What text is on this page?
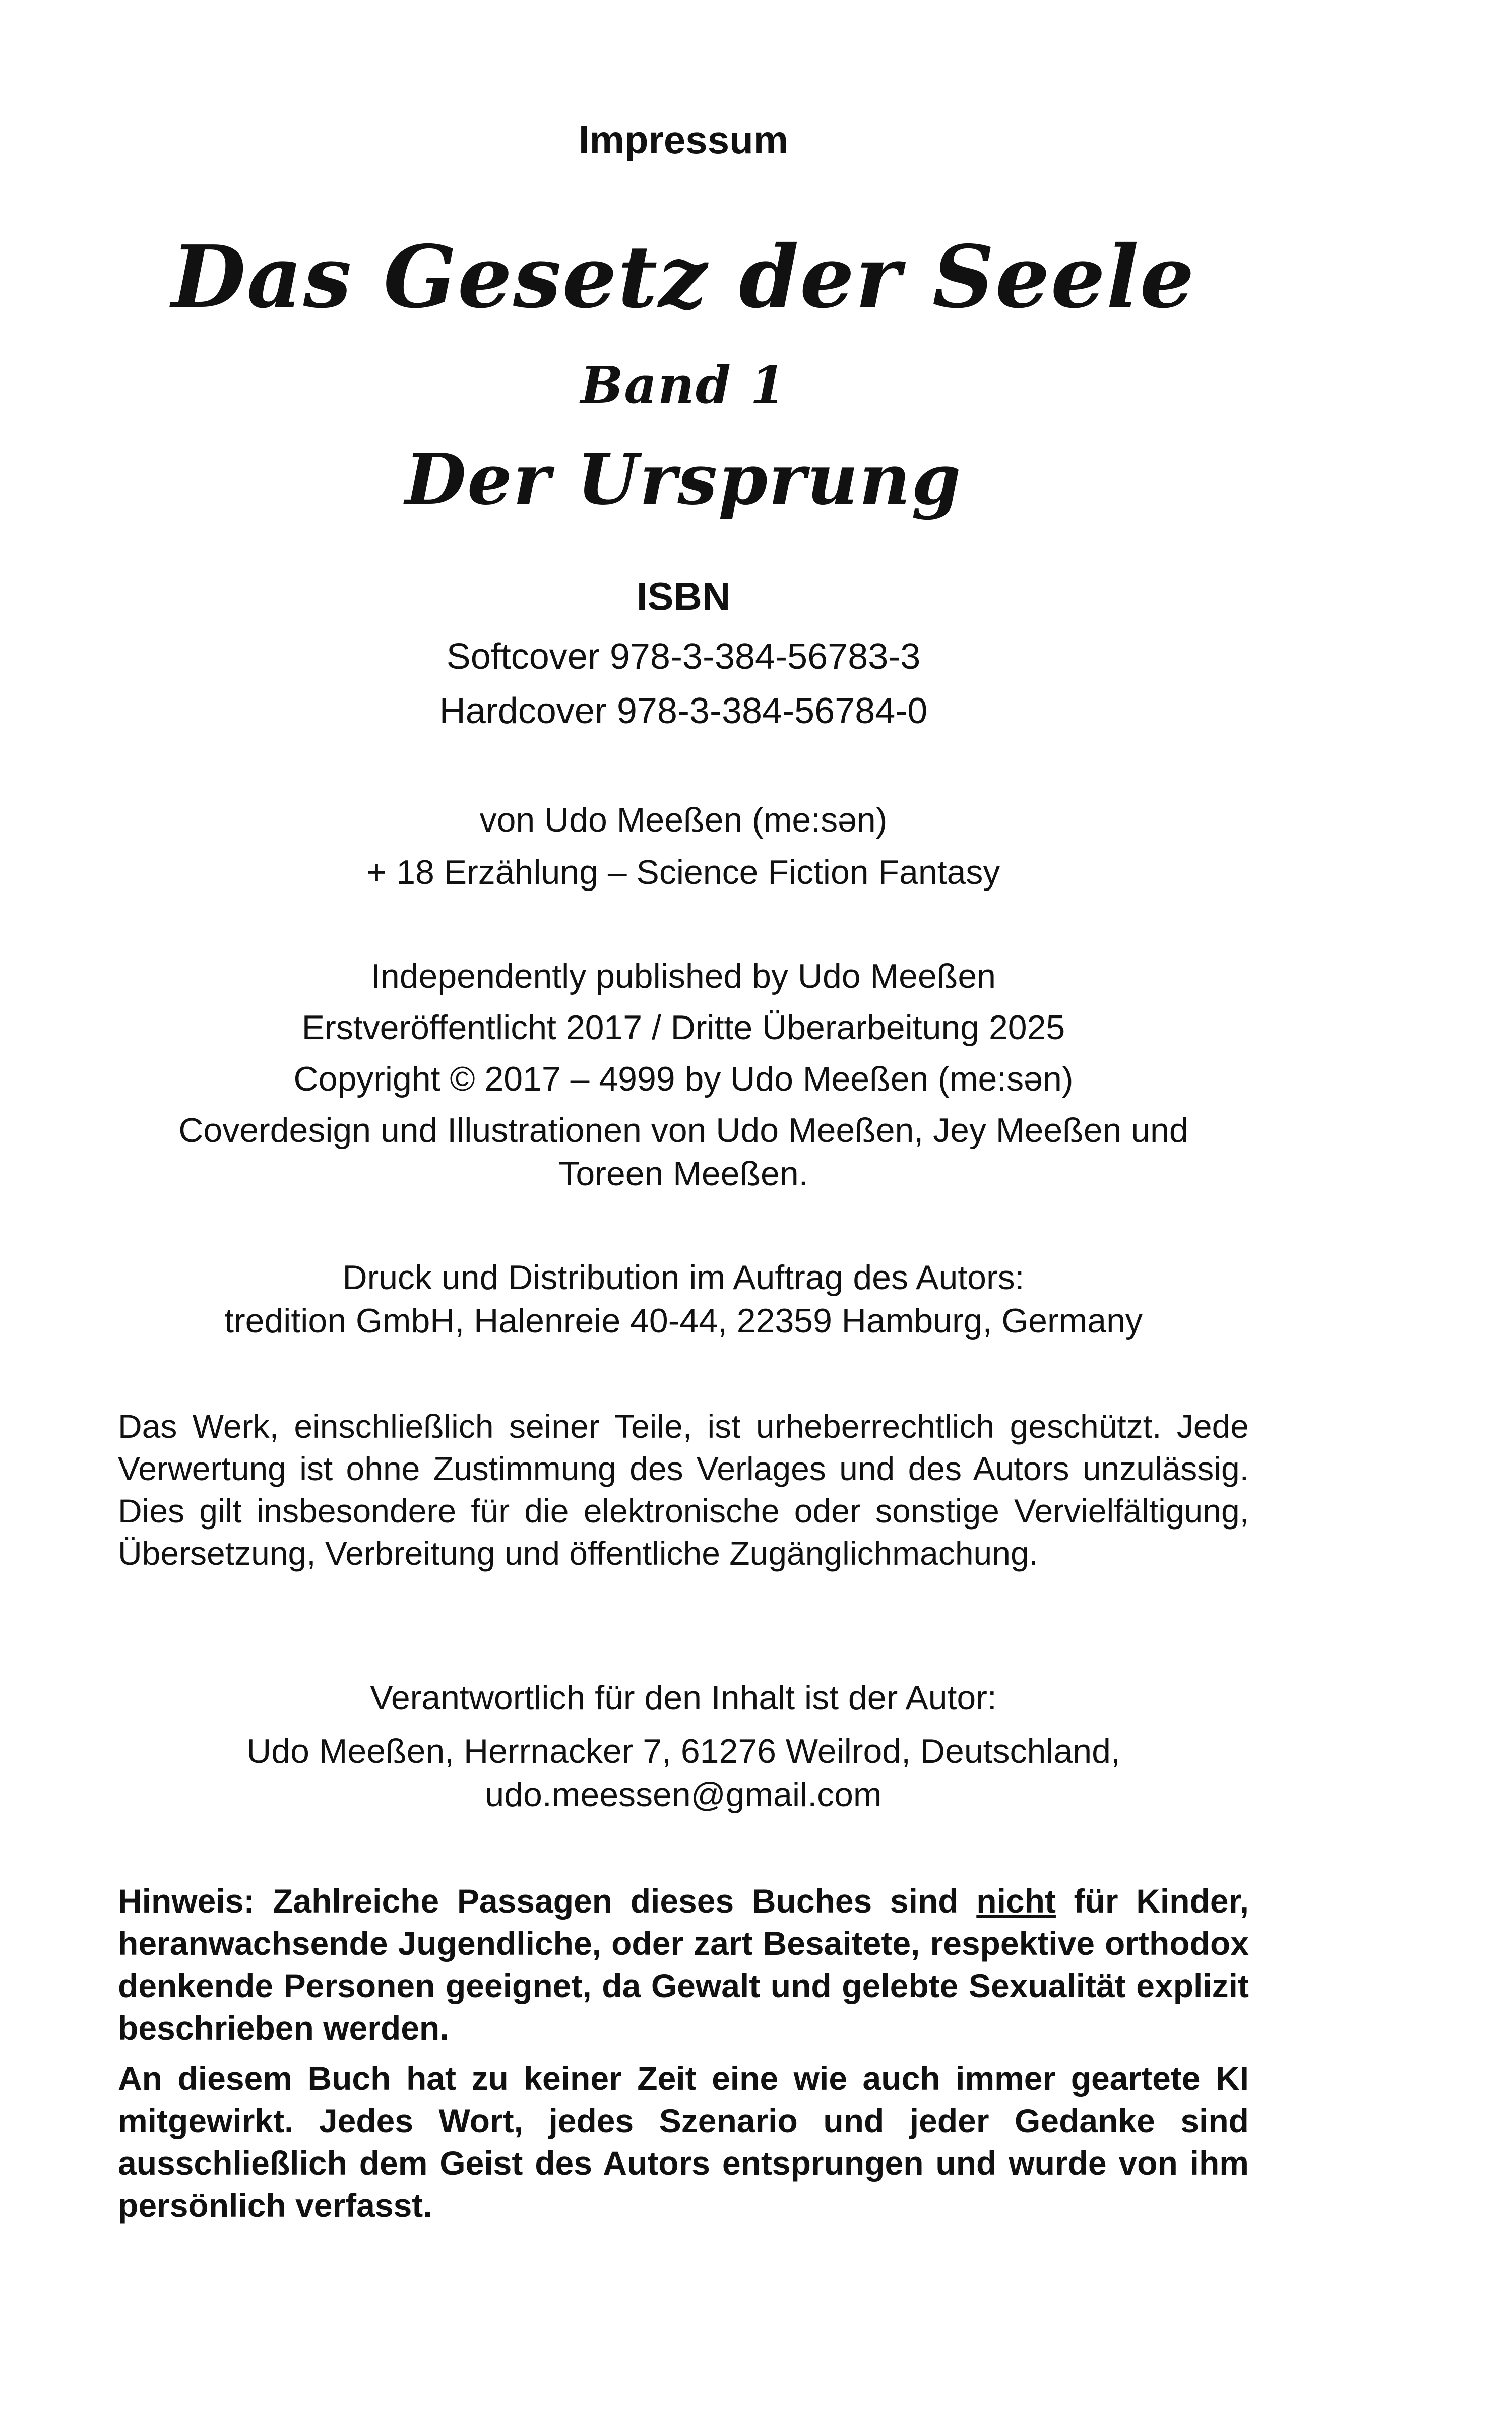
Impressum
Das Gesetz der Seele
Band 1
Der Ursprung
ISBN
Softcover 978-3-384-56783-3
Hardcover 978-3-384-56784-0
von Udo Meeßen (me:sən)
+ 18 Erzählung – Science Fiction Fantasy
Independently published by Udo Meeßen
Erstveröffentlicht 2017 / Dritte Überarbeitung 2025
Copyright © 2017 – 4999 by Udo Meeßen (me:sən)
Coverdesign und Illustrationen von Udo Meeßen, Jey Meeßen und
Toreen Meeßen.
Druck und Distribution im Auftrag des Autors:
tredition GmbH, Halenreie 40-44, 22359 Hamburg, Germany
Das Werk, einschließlich seiner Teile, ist urheberrechtlich geschützt. Jede Verwertung ist ohne Zustimmung des Verlages und des Autors unzulässig. Dies gilt insbesondere für die elektronische oder sonstige Vervielfältigung, Übersetzung, Verbreitung und öffentliche Zugänglichmachung.
Verantwortlich für den Inhalt ist der Autor:
Udo Meeßen, Herrnacker 7, 61276 Weilrod, Deutschland,
udo.meessen@gmail.com
Hinweis: Zahlreiche Passagen dieses Buches sind nicht für Kinder, heranwachsende Jugendliche, oder zart Besaitete, respektive orthodox denkende Personen geeignet, da Gewalt und gelebte Sexualität explizit beschrieben werden.
An diesem Buch hat zu keiner Zeit eine wie auch immer geartete KI mitgewirkt. Jedes Wort, jedes Szenario und jeder Gedanke sind ausschließlich dem Geist des Autors entsprungen und wurde von ihm persönlich verfasst.
